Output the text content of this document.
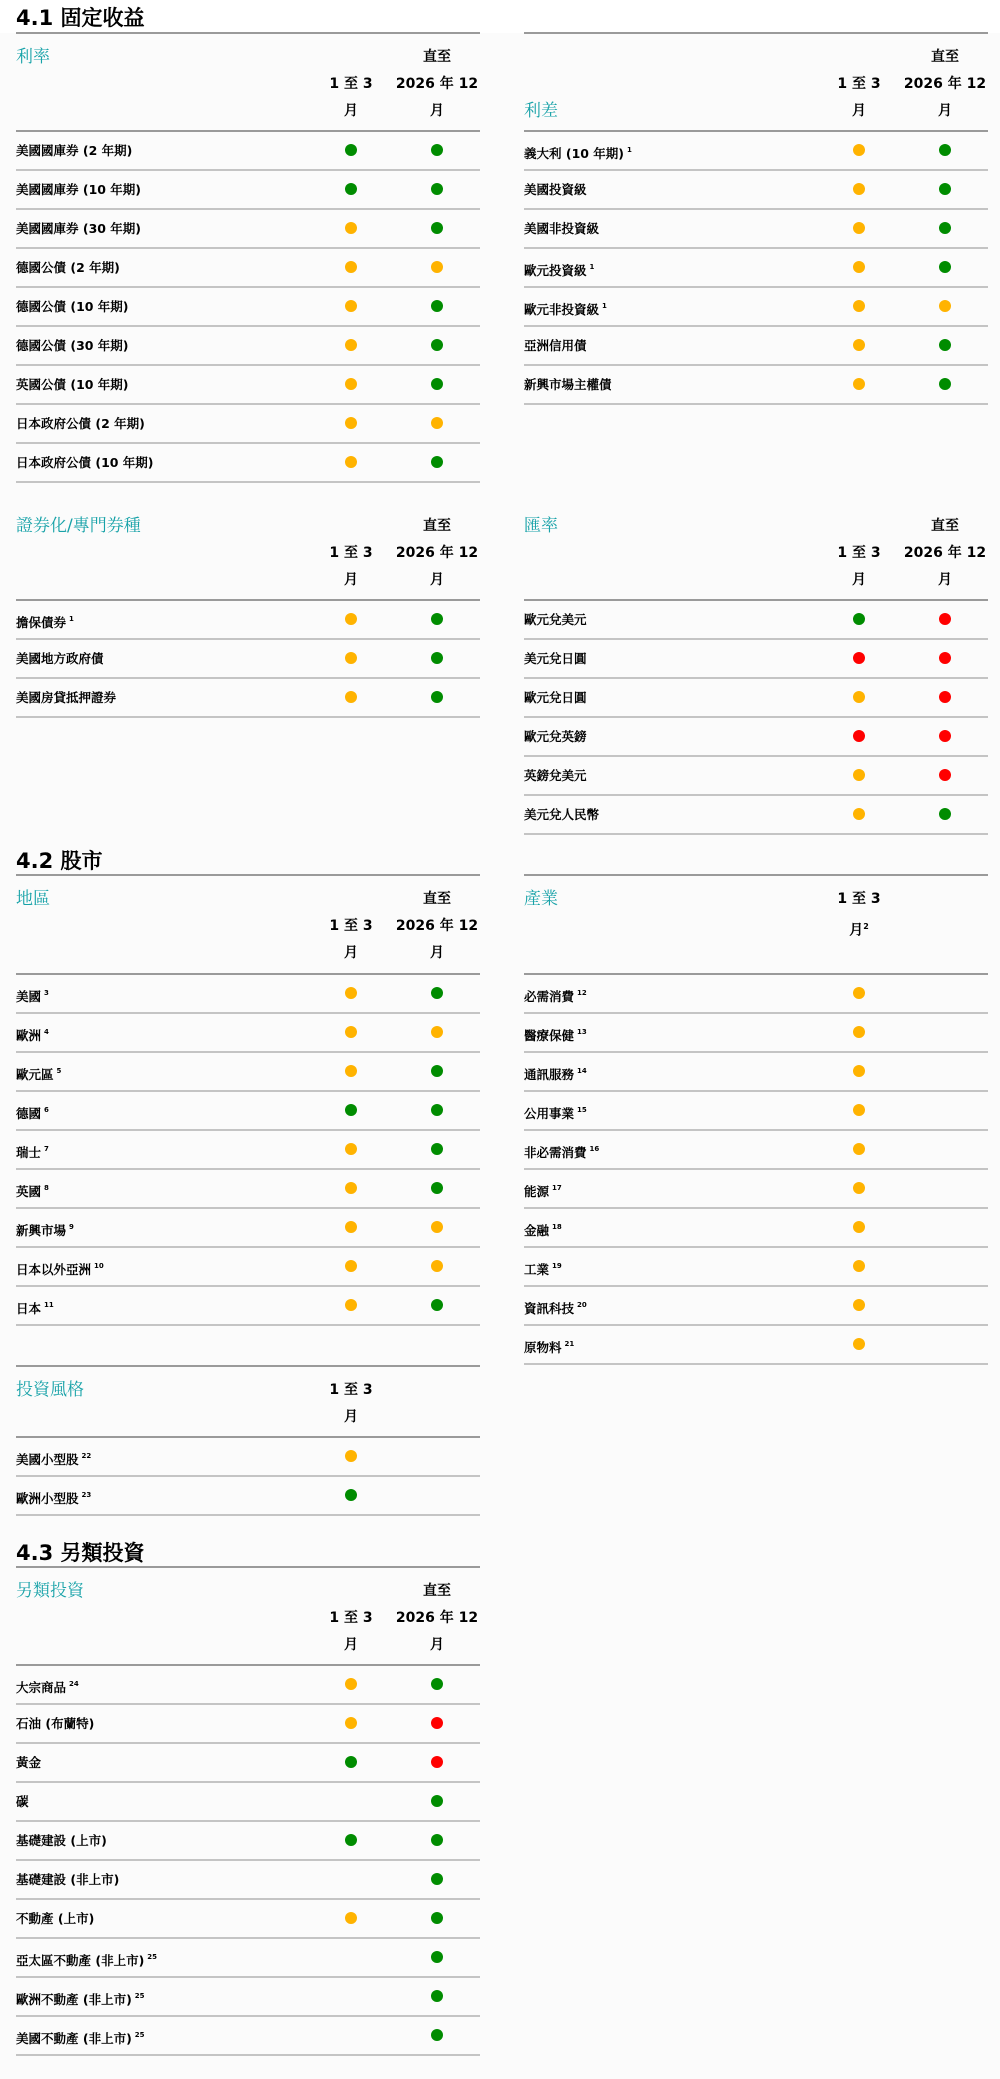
4.1 固定收益
4.2 股市
4.3 另類投資
利率
1 至 3
月
直至
2026 年 12
月
美國國庫券 (2 年期)
美國國庫券 (10 年期)
美國國庫券 (30 年期)
德國公債 (2 年期)
德國公債 (10 年期)
德國公債 (30 年期)
英國公債 (10 年期)
日本政府公債 (2 年期)
日本政府公債 (10 年期)
利差
1 至 3
月
直至
2026 年 12
月
義大利 (10 年期) $^1$
美國投資級
美國非投資級
歐元投資級 $^1$
歐元非投資級 $^1$
亞洲信用債
新興市場主權債
證券化/專門券種
1 至 3
月
直至
2026 年 12
月
擔保債券 $^1$
美國地方政府債
美國房貸抵押證券
匯率
1 至 3
月
直至
2026 年 12
月
歐元兌美元
美元兌日圓
歐元兌日圓
歐元兌英鎊
英鎊兌美元
美元兌人民幣
地區
1 至 3
月
直至
2026 年 12
月
美國 $^3$
歐洲 $^4$
歐元區 $^5$
德國 $^6$
瑞士 $^7$
英國 $^8$
新興市場 $^9$
日本以外亞洲 $^{10}$
日本 $^{11}$
產業	1 至 3
月$^2$
必需消費 $^{12}$
醫療保健 $^{13}$
通訊服務 $^{14}$
公用事業 $^{15}$
非必需消費 $^{16}$
能源 $^{17}$
金融 $^{18}$
工業 $^{19}$
資訊科技 $^{20}$
原物料 $^{21}$
投資風格	1 至 3
月
美國小型股 $^{22}$
歐洲小型股 $^{23}$
另類投資
1 至 3
月
直至
2026 年 12
月
大宗商品 $^{24}$
石油 (布蘭特)
黃金
碳
基礎建設 (上市)
基礎建設 (非上市)
不動產 (上市)
亞太區不動產 (非上市) $^{25}$
歐洲不動產 (非上市) $^{25}$
美國不動產 (非上市) $^{25}$
